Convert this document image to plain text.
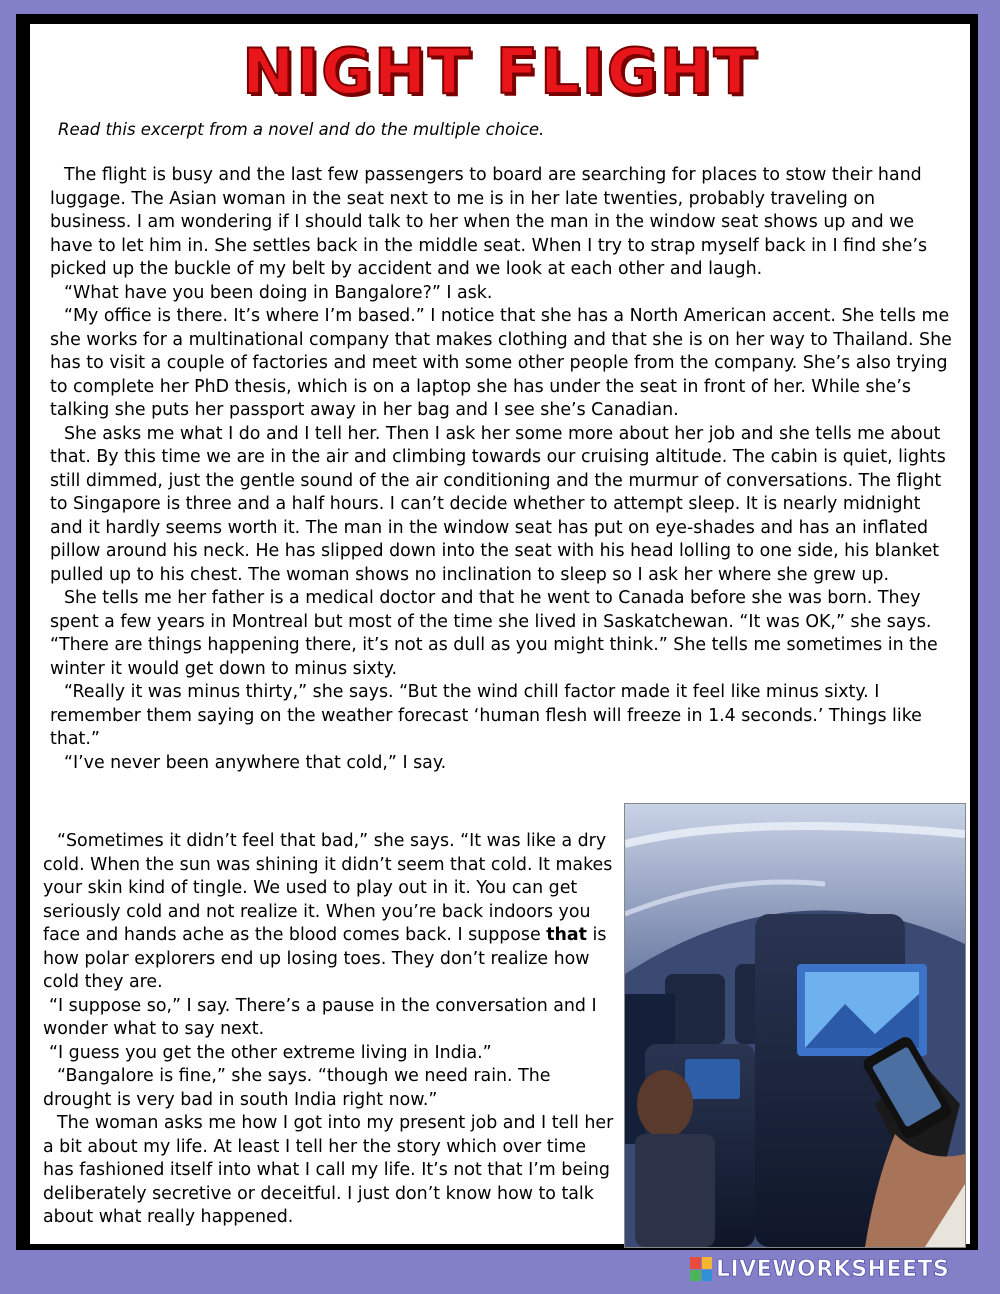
NIGHT FLIGHT
Read this excerpt from a novel and do the multiple choice.

The flight is busy and the last few passengers to board are searching for places to stow their hand luggage. The Asian woman in the seat next to me is in her late twenties, probably traveling on business. I am wondering if I should talk to her when the man in the window seat shows up and we have to let him in. She settles back in the middle seat. When I try to strap myself back in I find she’s picked up the buckle of my belt by accident and we look at each other and laugh.

“What have you been doing in Bangalore?” I ask.

“My office is there. It’s where I’m based.” I notice that she has a North American accent. She tells me she works for a multinational company that makes clothing and that she is on her way to Thailand. She has to visit a couple of factories and meet with some other people from the company. She’s also trying to complete her PhD thesis, which is on a laptop she has under the seat in front of her. While she’s talking she puts her passport away in her bag and I see she’s Canadian.

She asks me what I do and I tell her. Then I ask her some more about her job and she tells me about that. By this time we are in the air and climbing towards our cruising altitude. The cabin is quiet, lights still dimmed, just the gentle sound of the air conditioning and the murmur of conversations. The flight to Singapore is three and a half hours. I can’t decide whether to attempt sleep. It is nearly midnight and it hardly seems worth it. The man in the window seat has put on eye-shades and has an inflated pillow around his neck. He has slipped down into the seat with his head lolling to one side, his blanket pulled up to his chest. The woman shows no inclination to sleep so I ask her where she grew up.

She tells me her father is a medical doctor and that he went to Canada before she was born. They spent a few years in Montreal but most of the time she lived in Saskatchewan. “It was OK,” she says. “There are things happening there, it’s not as dull as you might think.” She tells me sometimes in the winter it would get down to minus sixty.

“Really it was minus thirty,” she says. “But the wind chill factor made it feel like minus sixty. I remember them saying on the weather forecast ‘human flesh will freeze in 1.4 seconds.’ Things like that.”

“I’ve never been anywhere that cold,” I say.

“Sometimes it didn’t feel that bad,” she says. “It was like a dry cold. When the sun was shining it didn’t seem that cold. It makes your skin kind of tingle. We used to play out in it. You can get seriously cold and not realize it. When you’re back indoors you face and hands ache as the blood comes back. I suppose that is how polar explorers end up losing toes. They don’t realize how cold they are.

“I suppose so,” I say. There’s a pause in the conversation and I wonder what to say next.

“I guess you get the other extreme living in India.”

“Bangalore is fine,” she says. “though we need rain. The drought is very bad in south India right now.”

The woman asks me how I got into my present job and I tell her a bit about my life. At least I tell her the story which over time has fashioned itself into what I call my life. It’s not that I’m being deliberately secretive or deceitful. I just don’t know how to talk about what really happened.

LIVEWORKSHEETS
